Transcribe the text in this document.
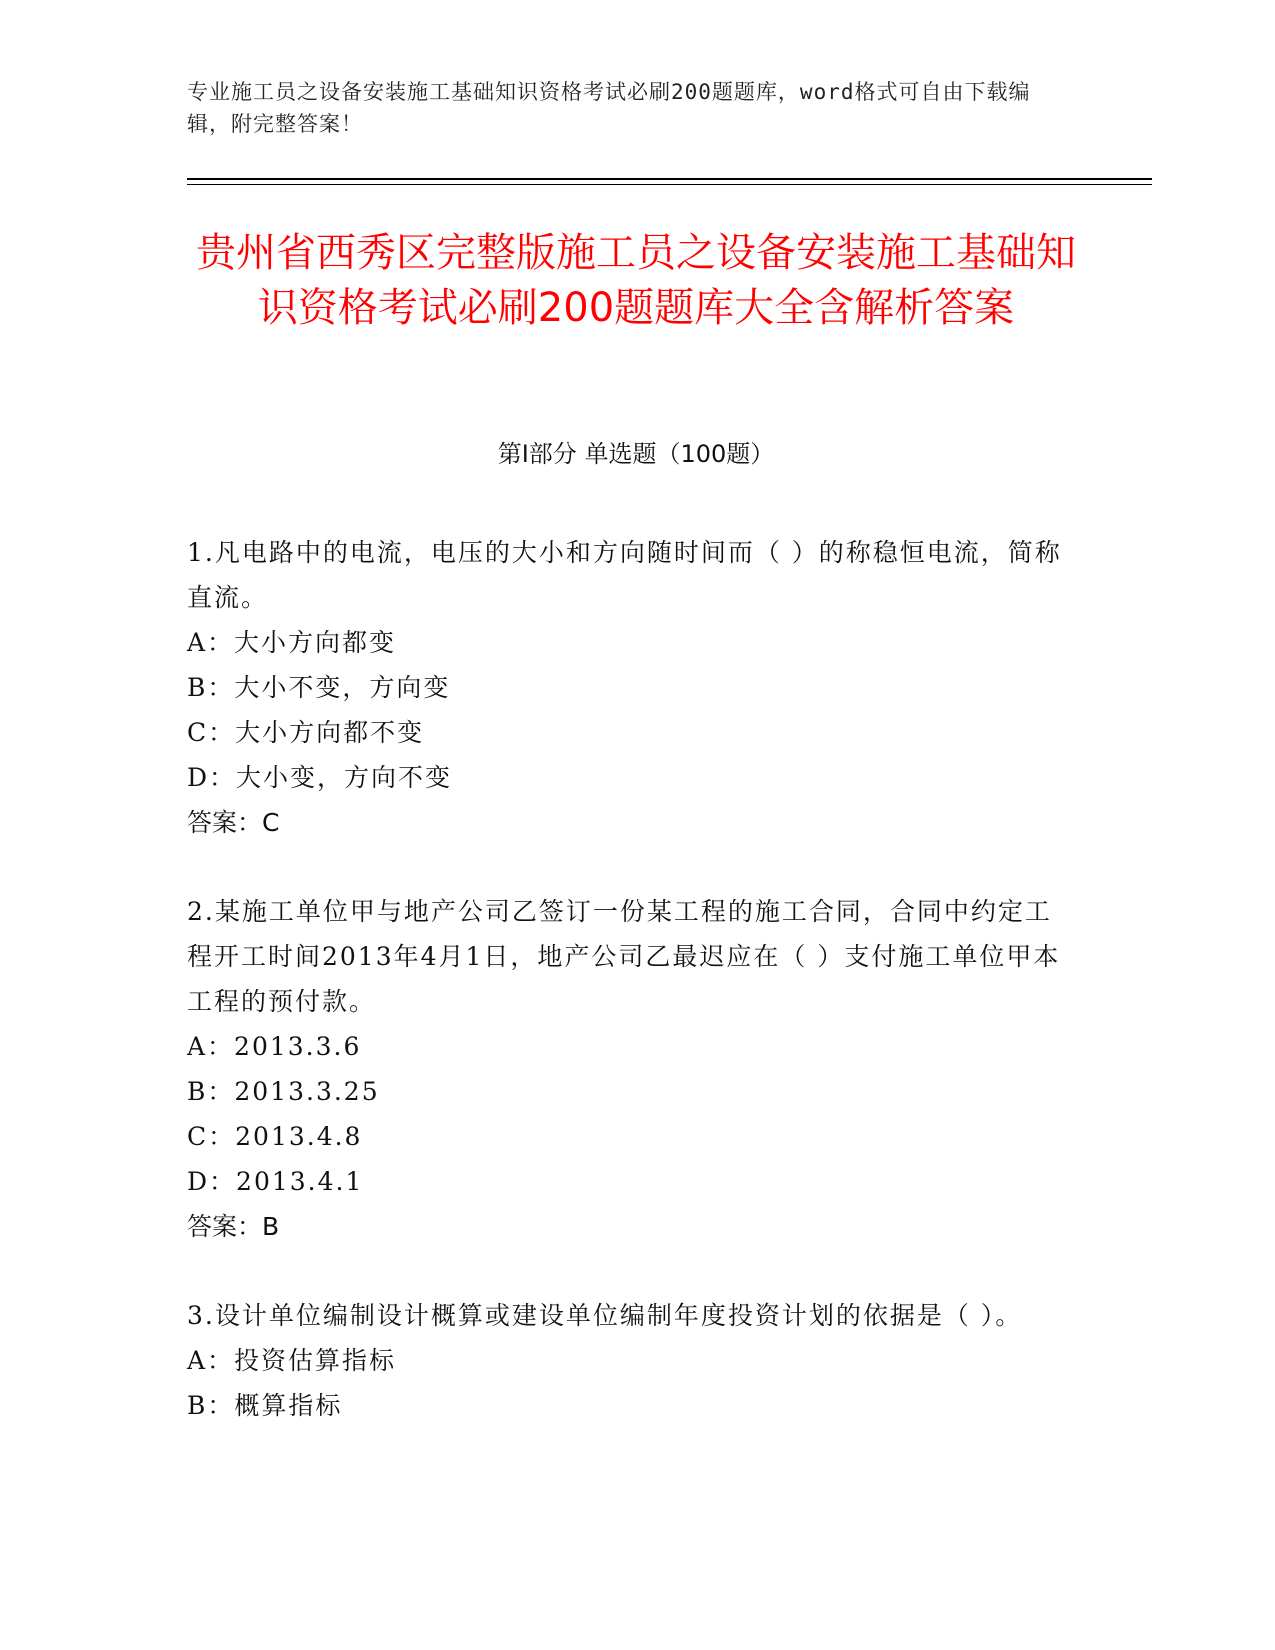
专业施工员之设备安装施工基础知识资格考试必刷200题题库，word格式可自由下载编辑，附完整答案！
贵州省西秀区完整版施工员之设备安装施工基础知识资格考试必刷200题题库大全含解析答案
第I部分 单选题（100题）
1.凡电路中的电流，电压的大小和方向随时间而（ ）的称稳恒电流，简称直流。
A：大小方向都变
B：大小不变，方向变
C：大小方向都不变
D：大小变，方向不变
答案：C
2.某施工单位甲与地产公司乙签订一份某工程的施工合同，合同中约定工程开工时间2013年4月1日，地产公司乙最迟应在（ ）支付施工单位甲本工程的预付款。
A：2013.3.6
B：2013.3.25
C：2013.4.8
D：2013.4.1
答案：B
3.设计单位编制设计概算或建设单位编制年度投资计划的依据是（ ）。
A：投资估算指标
B：概算指标
